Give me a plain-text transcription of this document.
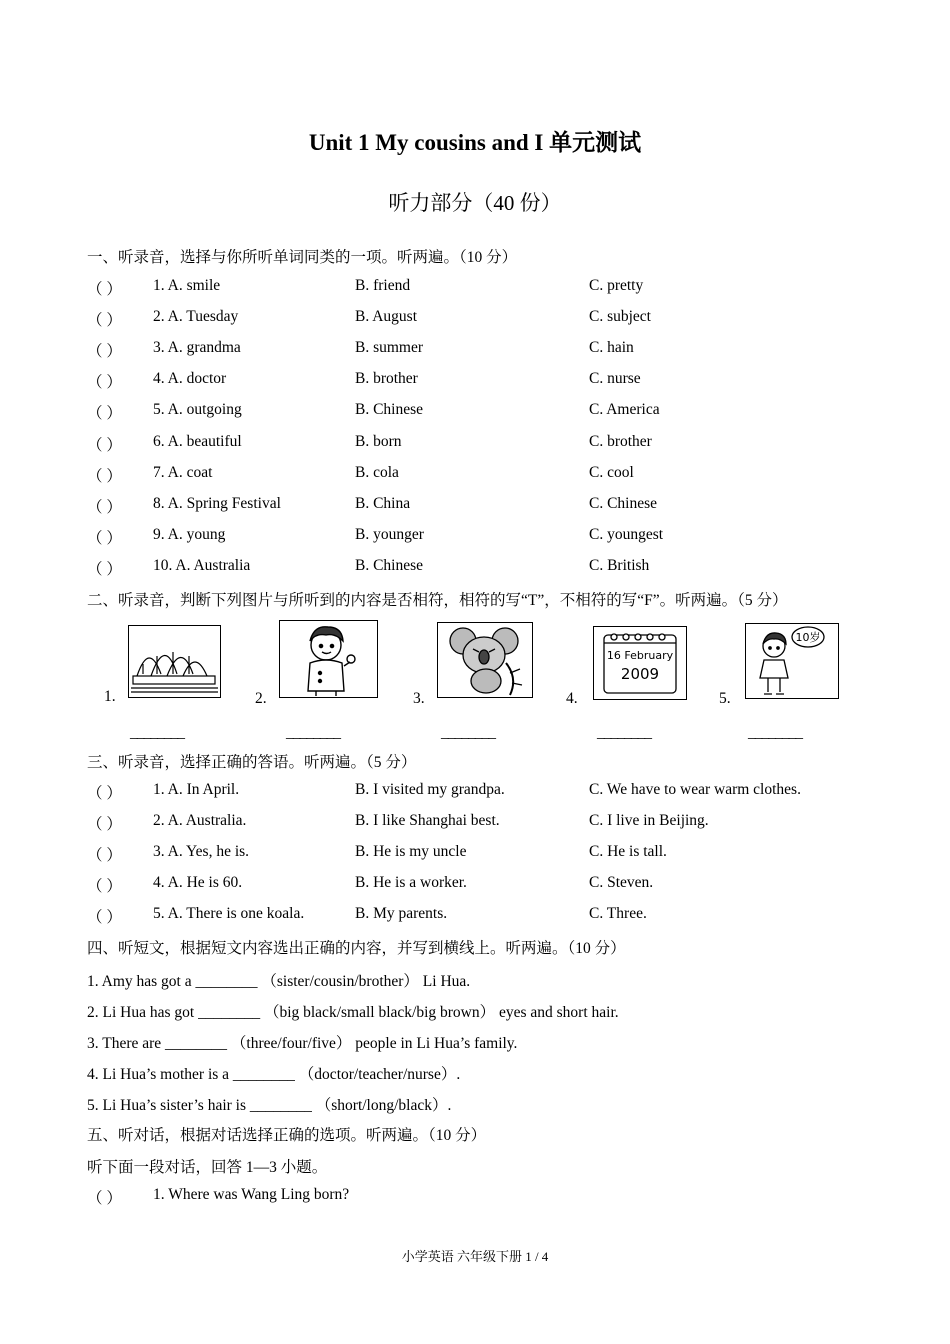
Unit 1 My cousins and I 单元测试
听力部分（40 份）
一、听录音，选择与你所听单词同类的一项。听两遍。（10 分）
（ ） 1. A. smile	B. friend	C. pretty
（ ） 2. A. Tuesday	B. August	C. subject
（ ） 3. A. grandma	B. summer	C. hain
（ ） 4. A. doctor	B. brother	C. nurse
（ ） 5. A. outgoing	B. Chinese	C. America
（ ） 6. A. beautiful	B. born	C. brother
（ ） 7. A. coat	B. cola	C. cool
（ ） 8. A. Spring Festival	B. China	C. Chinese
（ ） 9. A. young	B. younger	C. youngest
（ ） 10. A. Australia	B. Chinese	C. British
二、听录音，判断下列图片与所听到的内容是否相符，相符的写“T”，不相符的写“F”。听两遍。（5 分）
1.	2.	3.	4.
16 February
2009
5.
10岁
________	________	________	________	________
三、听录音，选择正确的答语。听两遍。（5 分）
（ ） 1. A. In April.	B. I visited my grandpa.	C. We have to wear warm clothes.
（ ） 2. A. Australia.	B. I like Shanghai best.	C. I live in Beijing.
（ ） 3. A. Yes, he is.	B. He is my uncle	C. He is tall.
（ ） 4. A. He is 60.	B. He is a worker.	C. Steven.
（ ） 5. A. There is one koala.	B. My parents.	C. Three.
四、听短文，根据短文内容选出正确的内容，并写到横线上。听两遍。（10 分）
1. Amy has got a ________ （sister/cousin/brother） Li Hua.
2. Li Hua has got ________ （big black/small black/big brown） eyes and short hair.
3. There are ________ （three/four/five） people in Li Hua’s family.
4. Li Hua’s mother is a ________ （doctor/teacher/nurse）.
5. Li Hua’s sister’s hair is ________ （short/long/black）.
五、听对话，根据对话选择正确的选项。听两遍。（10 分）
听下面一段对话，回答 1—3 小题。
（ ） 1. Where was Wang Ling born?
小学英语 六年级下册 1 / 4
